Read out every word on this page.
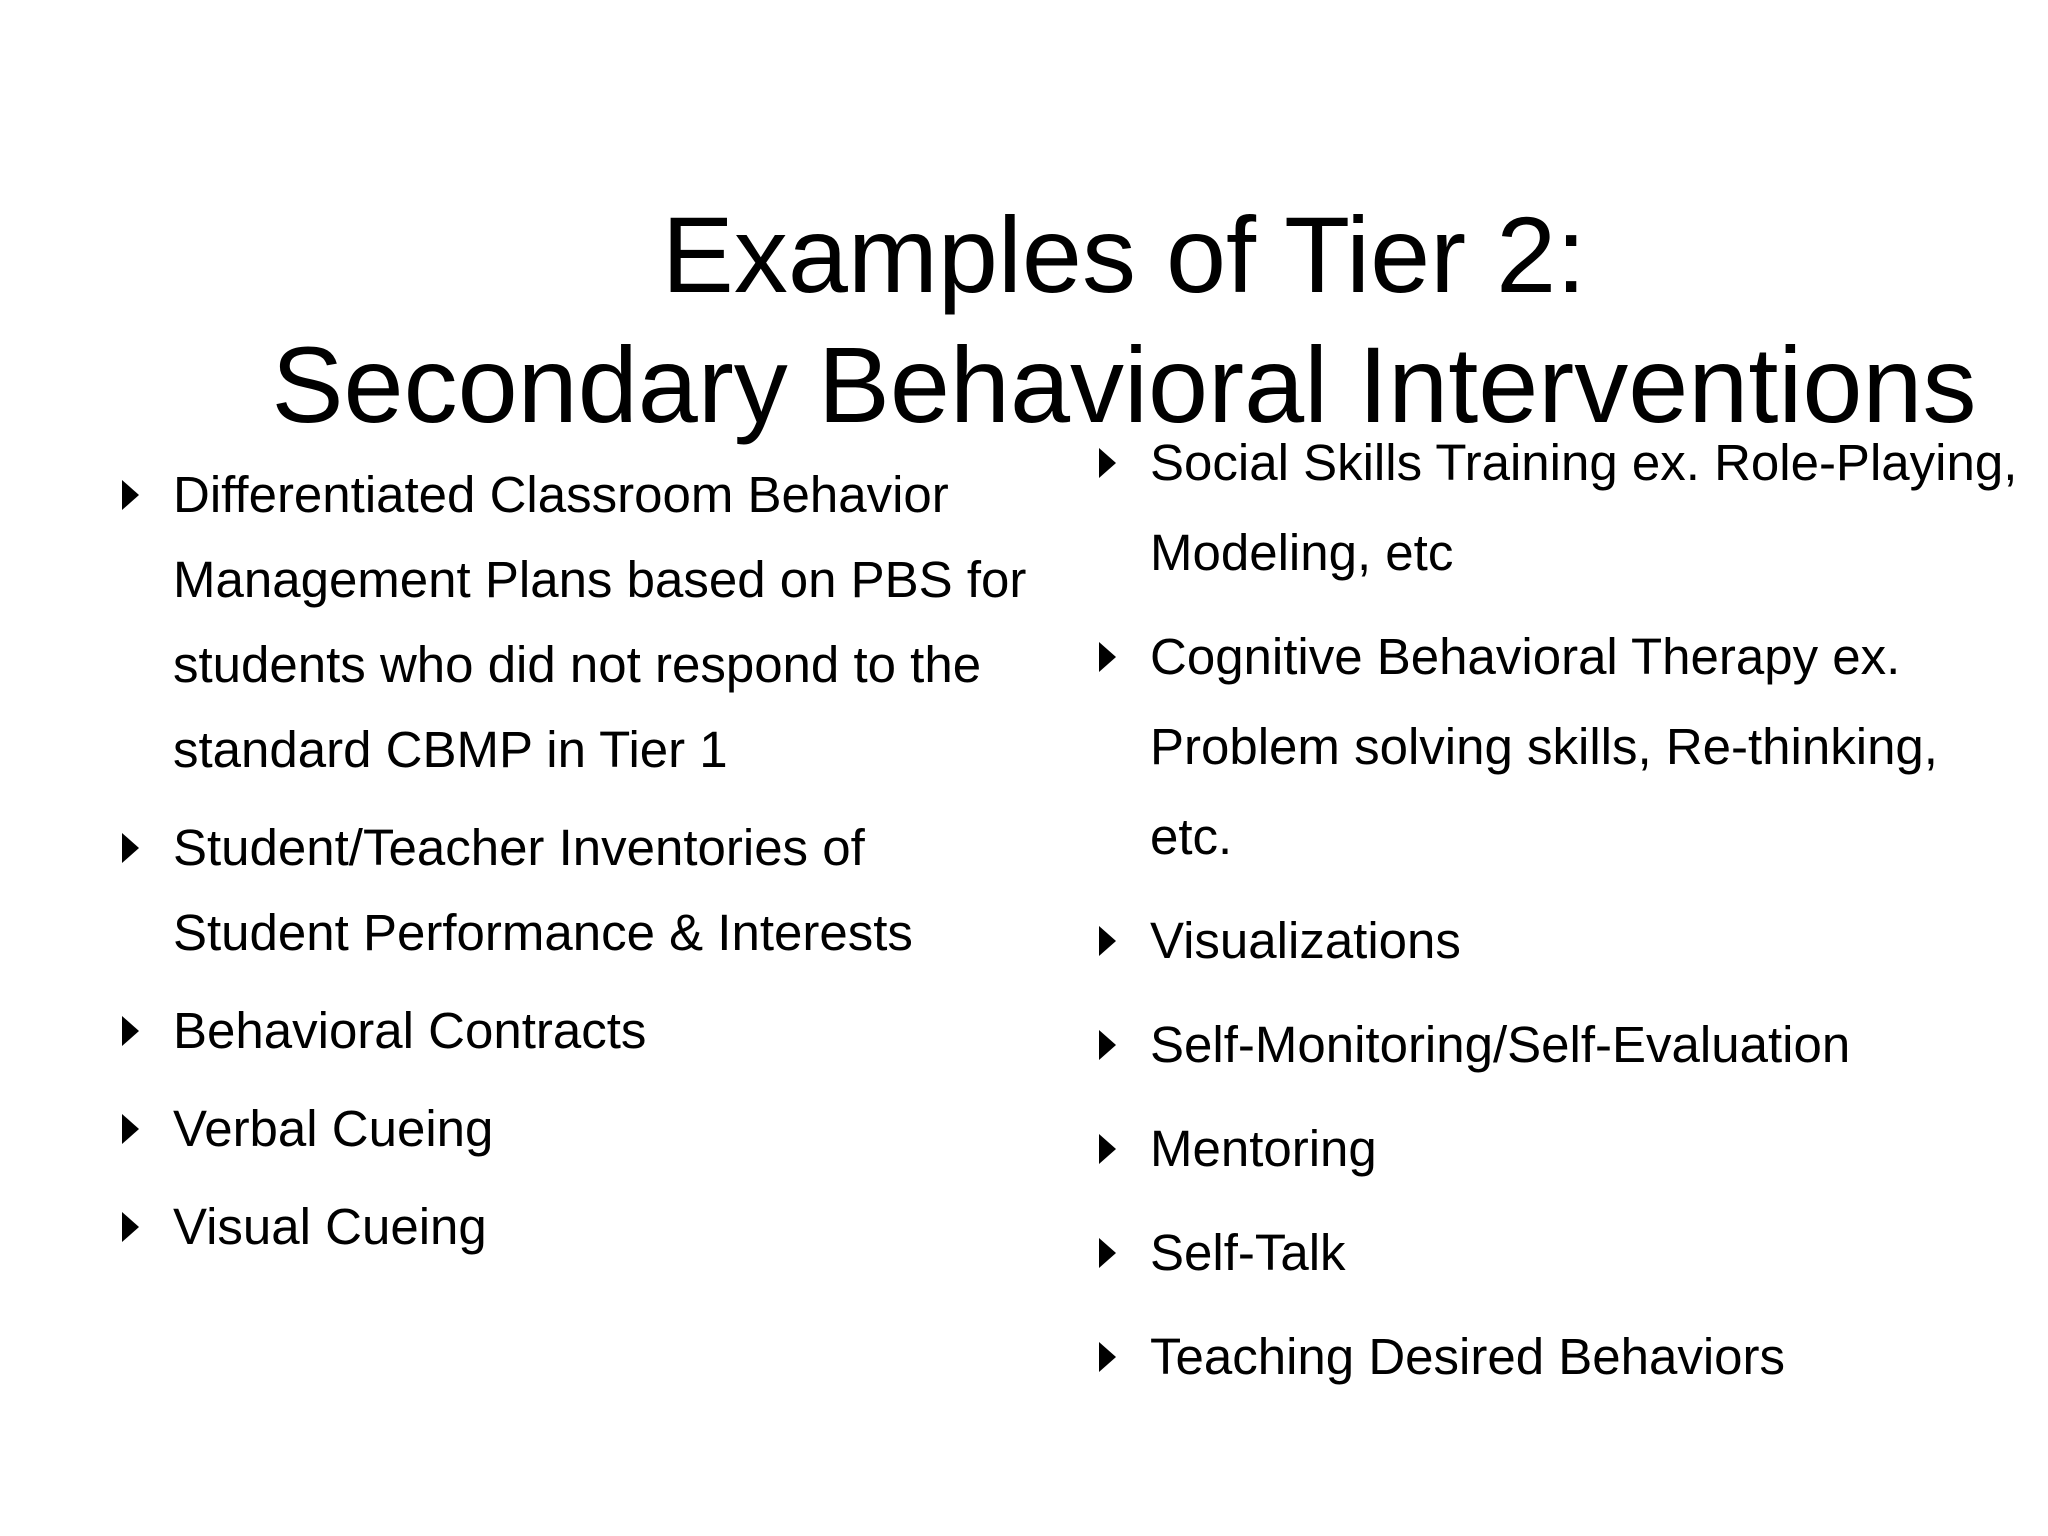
Examples of Tier 2:
Secondary Behavioral Interventions
Differentiated Classroom Behavior Management Plans based on PBS for students who did not respond to the standard CBMP in Tier 1
Student/Teacher Inventories of Student Performance & Interests
Behavioral Contracts
Verbal Cueing
Visual Cueing
Social Skills Training ex. Role-Playing, Modeling, etc
Cognitive Behavioral Therapy ex. Problem solving skills, Re-thinking, etc.
Visualizations
Self-Monitoring/Self-Evaluation
Mentoring
Self-Talk
Teaching Desired Behaviors
